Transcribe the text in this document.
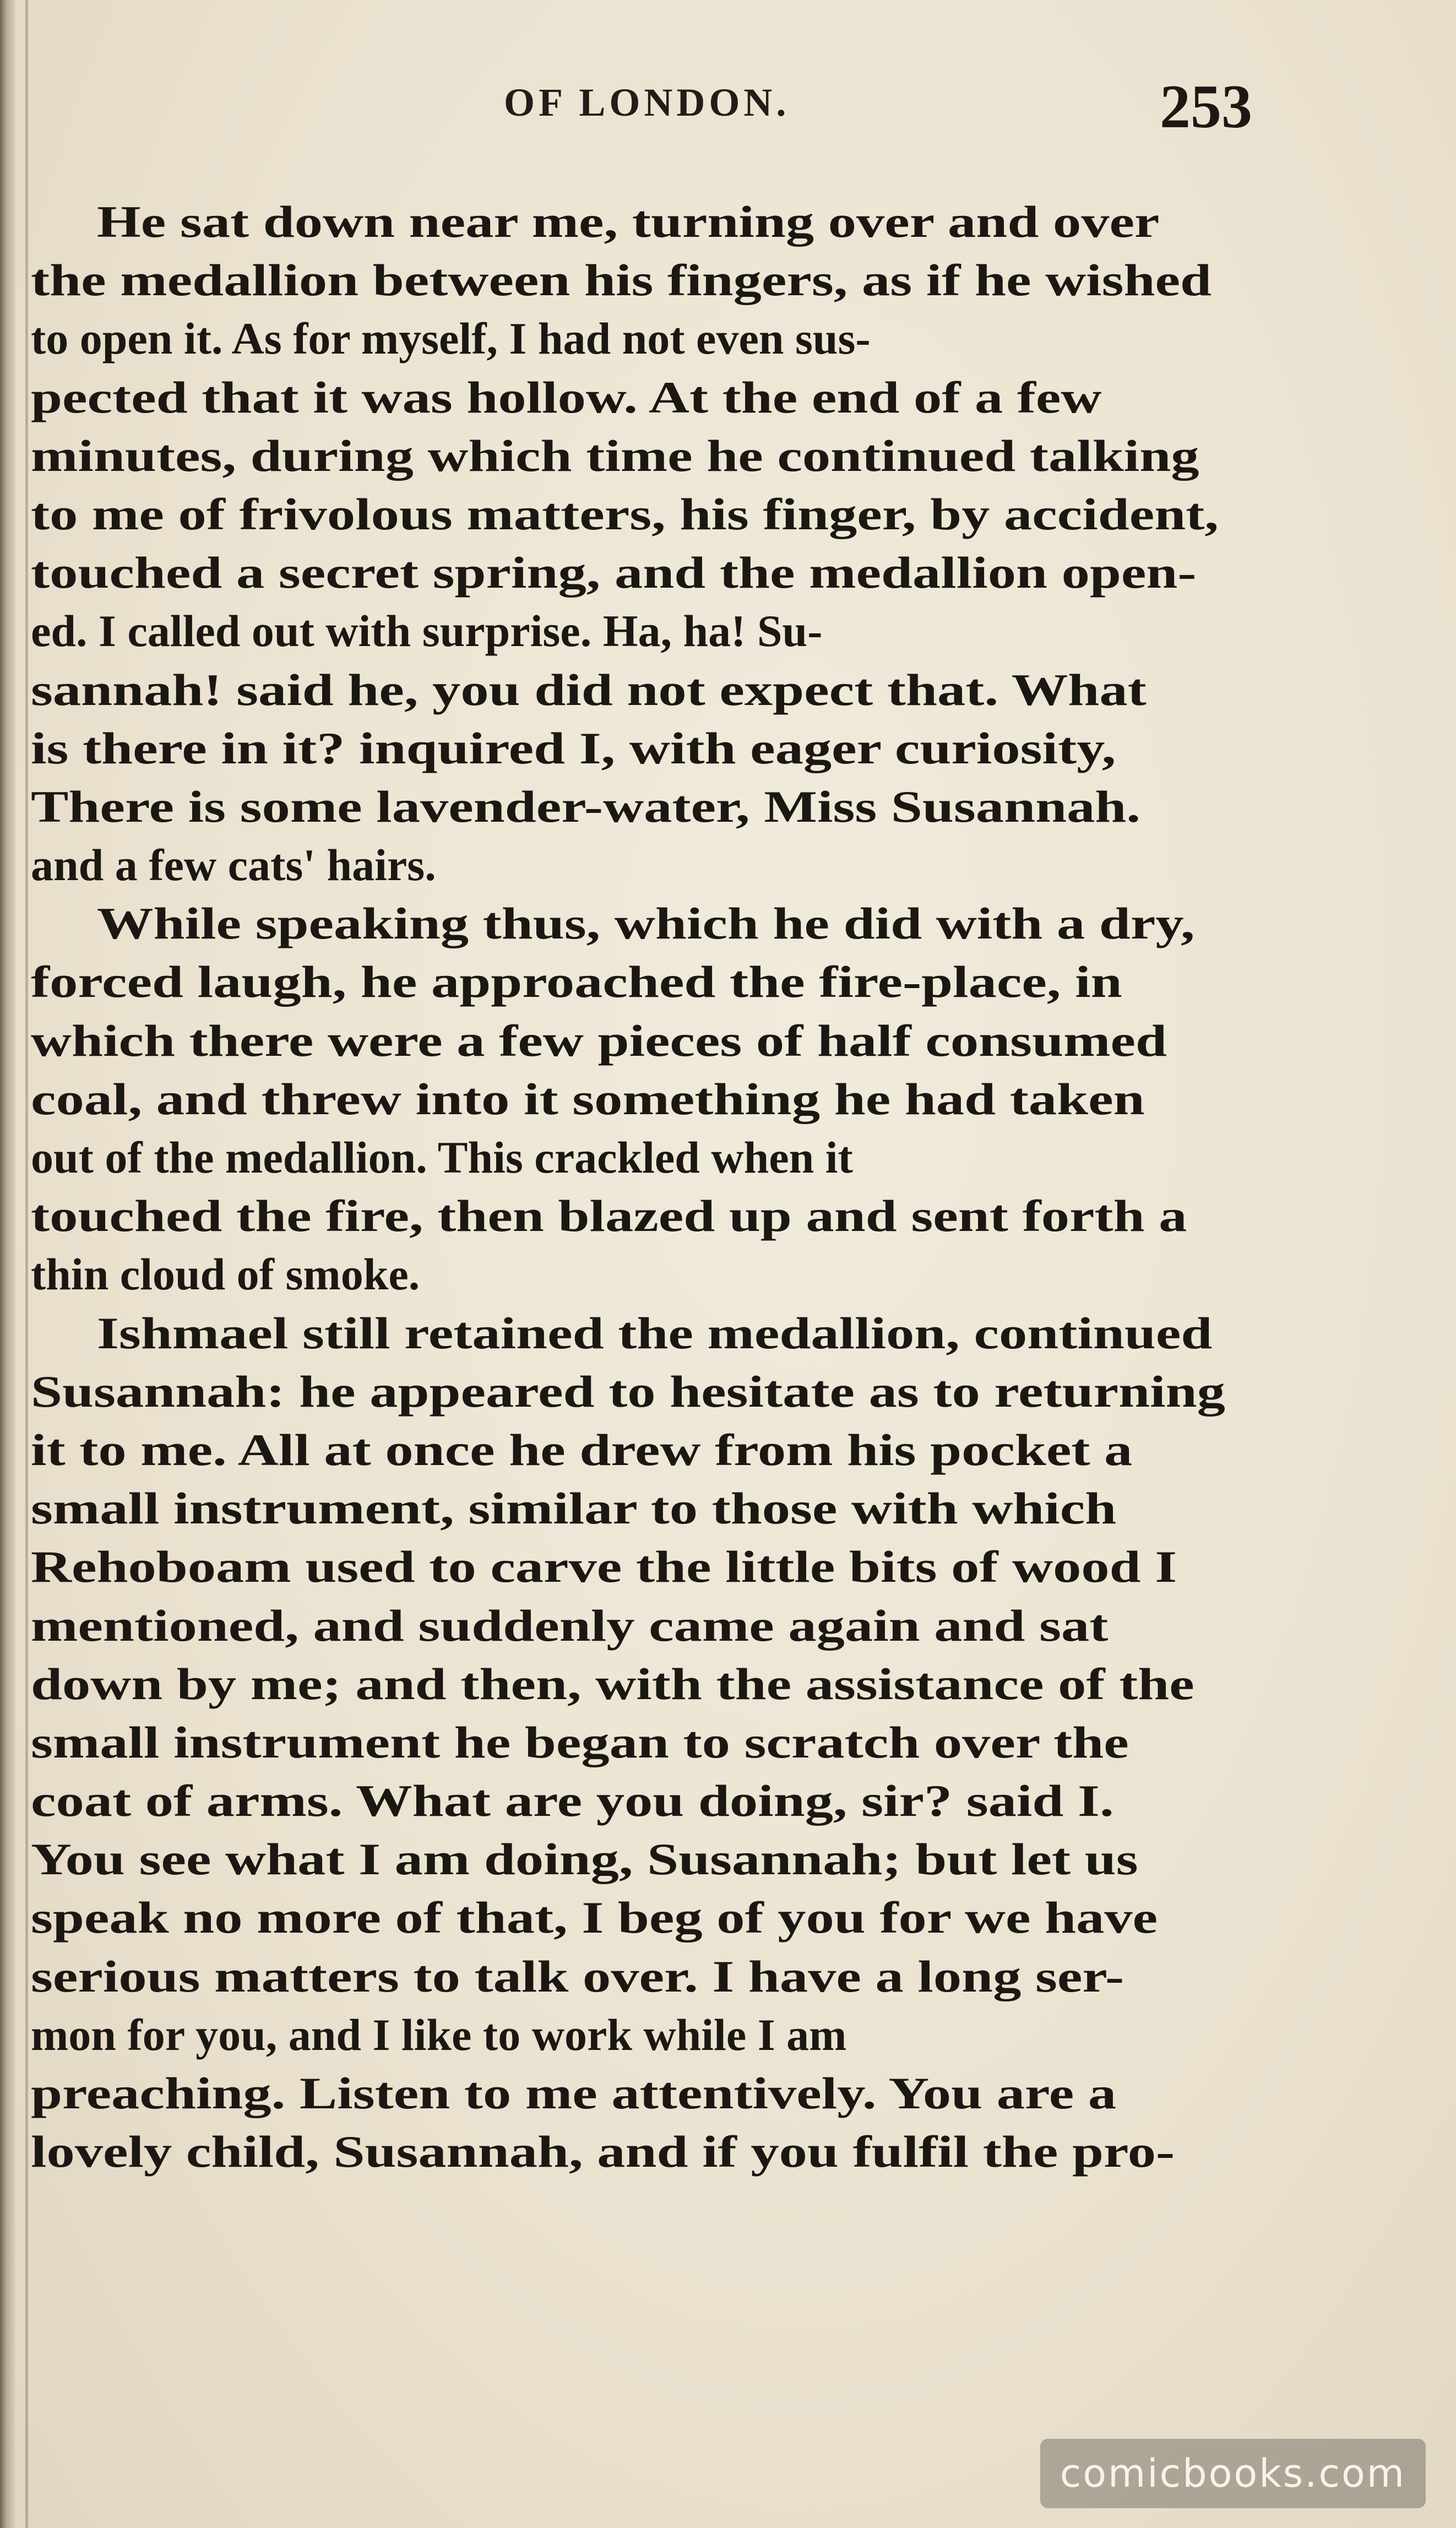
OF LONDON.	253
He sat down near me, turning over and over
the medallion between his fingers, as if he wished
to open it. As for myself, I had not even sus-
pected that it was hollow. At the end of a few
minutes, during which time he continued talking
to me of frivolous matters, his finger, by accident,
touched a secret spring, and the medallion open-
ed. I called out with surprise. Ha, ha! Su-
sannah! said he, you did not expect that. What
is there in it? inquired I, with eager curiosity,
There is some lavender-water, Miss Susannah.
and a few cats' hairs.
While speaking thus, which he did with a dry,
forced laugh, he approached the fire-place, in
which there were a few pieces of half consumed
coal, and threw into it something he had taken
out of the medallion. This crackled when it
touched the fire, then blazed up and sent forth a
thin cloud of smoke.
Ishmael still retained the medallion, continued
Susannah: he appeared to hesitate as to returning
it to me. All at once he drew from his pocket a
small instrument, similar to those with which
Rehoboam used to carve the little bits of wood I
mentioned, and suddenly came again and sat
down by me; and then, with the assistance of the
small instrument he began to scratch over the
coat of arms. What are you doing, sir? said I.
You see what I am doing, Susannah; but let us
speak no more of that, I beg of you for we have
serious matters to talk over. I have a long ser-
mon for you, and I like to work while I am
preaching. Listen to me attentively. You are a
lovely child, Susannah, and if you fulfil the pro-
comicbooks.com
